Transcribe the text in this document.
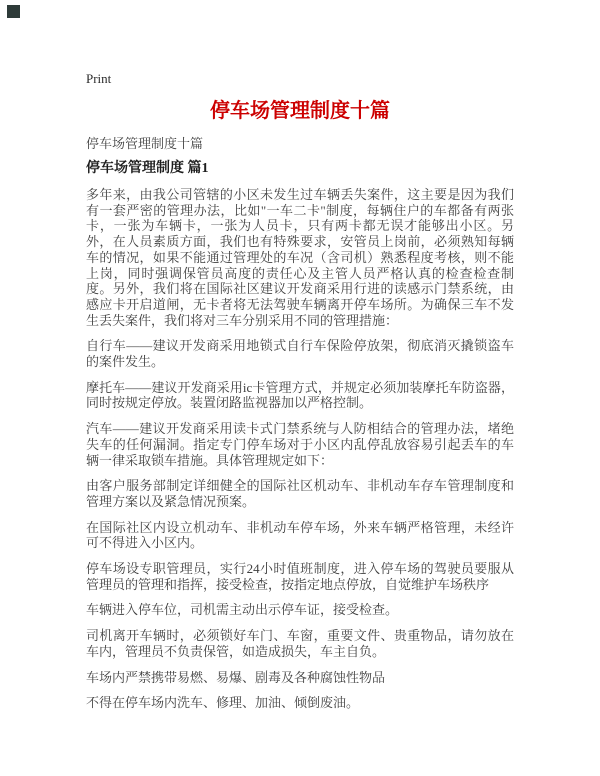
Print
停车场管理制度十篇
停车场管理制度十篇
停车场管理制度 篇1

多年来，由我公司管辖的小区未发生过车辆丢失案件，这主要是因为我们有一套严密的管理办法，比如"一车二卡"制度，每辆住户的车都备有两张卡，一张为车辆卡，一张为人员卡，只有两卡都无误才能够出小区。另外，在人员素质方面，我们也有特殊要求，安管员上岗前，必须熟知每辆车的情况，如果不能通过管理处的车况（含司机）熟悉程度考核，则不能上岗，同时强调保管员高度的责任心及主管人员严格认真的检查检查制度。另外，我们将在国际社区建议开发商采用行进的读感示门禁系统，由感应卡开启道闸，无卡者将无法驾驶车辆离开停车场所。为确保三车不发生丢失案件，我们将对三车分别采用不同的管理措施：

自行车——建议开发商采用地锁式自行车保险停放架，彻底消灭撬锁盗车的案件发生。

摩托车——建议开发商采用ic卡管理方式，并规定必须加装摩托车防盗器，同时按规定停放。装置闭路监视器加以严格控制。

汽车——建议开发商采用读卡式门禁系统与人防相结合的管理办法，堵绝失车的任何漏洞。指定专门停车场对于小区内乱停乱放容易引起丢车的车辆一律采取锁车措施。具体管理规定如下：

由客户服务部制定详细健全的国际社区机动车、非机动车存车管理制度和管理方案以及紧急情况预案。

在国际社区内设立机动车、非机动车停车场，外来车辆严格管理，未经许可不得进入小区内。

停车场设专职管理员，实行24小时值班制度，进入停车场的驾驶员要服从管理员的管理和指挥，接受检查，按指定地点停放，自觉维护车场秩序

车辆进入停车位，司机需主动出示停车证，接受检查。

司机离开车辆时，必须锁好车门、车窗，重要文件、贵重物品，请勿放在车内，管理员不负责保管，如造成损失，车主自负。

车场内严禁携带易燃、易爆、剧毒及各种腐蚀性物品

不得在停车场内洗车、修理、加油、倾倒废油。
